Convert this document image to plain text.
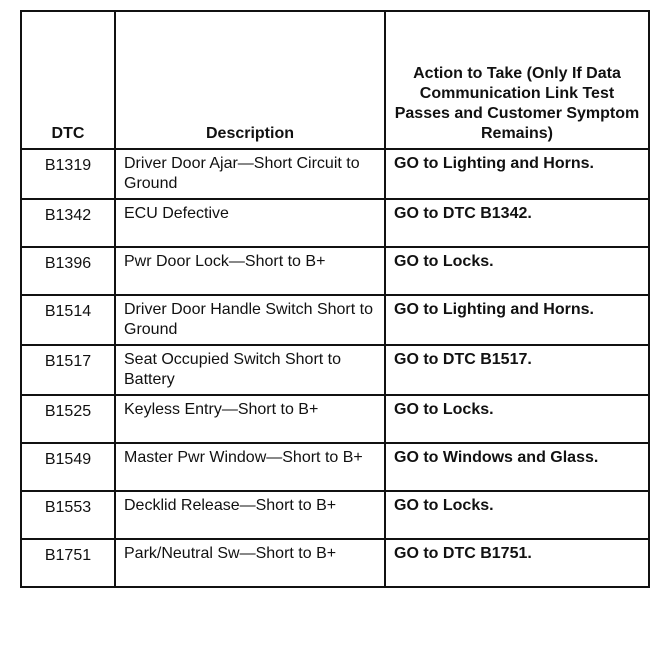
DTC	Description	Action to Take (Only If Data Communication Link Test Passes and Customer Symptom Remains)
B1319	Driver Door Ajar—Short Circuit to Ground	GO to Lighting and Horns.
B1342	ECU Defective	GO to DTC B1342.
B1396	Pwr Door Lock—Short to B+	GO to Locks.
B1514	Driver Door Handle Switch Short to Ground	GO to Lighting and Horns.
B1517	Seat Occupied Switch Short to Battery	GO to DTC B1517.
B1525	Keyless Entry—Short to B+	GO to Locks.
B1549	Master Pwr Window—Short to B+	GO to Windows and Glass.
B1553	Decklid Release—Short to B+	GO to Locks.
B1751	Park/Neutral Sw—Short to B+	GO to DTC B1751.
